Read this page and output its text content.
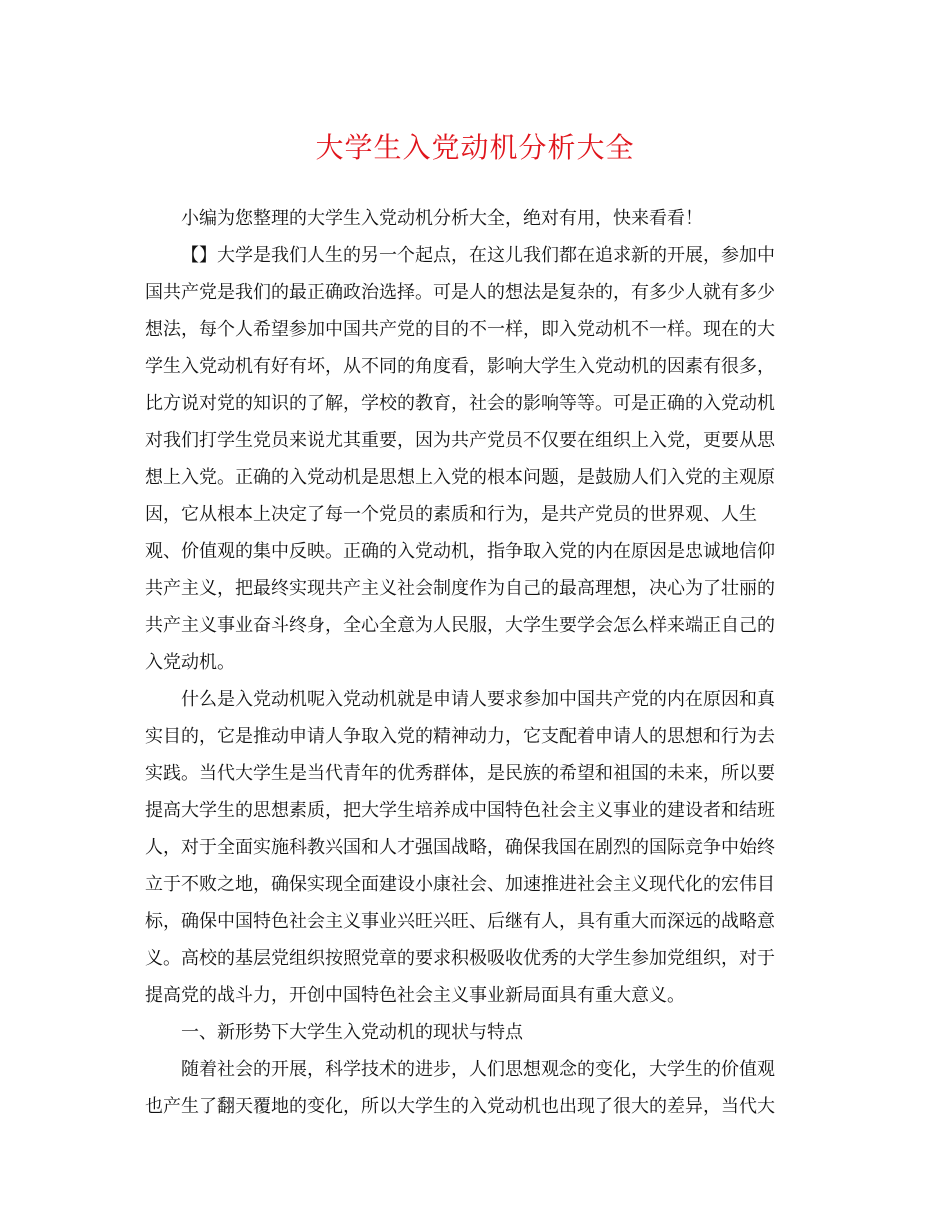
大学生入党动机分析大全

小编为您整理的大学生入党动机分析大全，绝对有用，快来看看！

【】大学是我们人生的另一个起点，在这儿我们都在追求新的开展，参加中

国共产党是我们的最正确政治选择。可是人的想法是复杂的，有多少人就有多少

想法，每个人希望参加中国共产党的目的不一样，即入党动机不一样。现在的大

学生入党动机有好有坏，从不同的角度看，影响大学生入党动机的因素有很多，

比方说对党的知识的了解，学校的教育，社会的影响等等。可是正确的入党动机

对我们打学生党员来说尤其重要，因为共产党员不仅要在组织上入党，更要从思

想上入党。正确的入党动机是思想上入党的根本问题，是鼓励人们入党的主观原

因，它从根本上决定了每一个党员的素质和行为，是共产党员的世界观、人生

观、价值观的集中反映。正确的入党动机，指争取入党的内在原因是忠诚地信仰

共产主义，把最终实现共产主义社会制度作为自己的最高理想，决心为了壮丽的

共产主义事业奋斗终身，全心全意为人民服，大学生要学会怎么样来端正自己的

入党动机。

什么是入党动机呢入党动机就是申请人要求参加中国共产党的内在原因和真

实目的，它是推动申请人争取入党的精神动力，它支配着申请人的思想和行为去

实践。当代大学生是当代青年的优秀群体，是民族的希望和祖国的未来，所以要

提高大学生的思想素质，把大学生培养成中国特色社会主义事业的建设者和结班

人，对于全面实施科教兴国和人才强国战略，确保我国在剧烈的国际竞争中始终

立于不败之地，确保实现全面建设小康社会、加速推进社会主义现代化的宏伟目

标，确保中国特色社会主义事业兴旺兴旺、后继有人，具有重大而深远的战略意

义。高校的基层党组织按照党章的要求积极吸收优秀的大学生参加党组织，对于

提高党的战斗力，开创中国特色社会主义事业新局面具有重大意义。

一、新形势下大学生入党动机的现状与特点

随着社会的开展，科学技术的进步，人们思想观念的变化，大学生的价值观

也产生了翻天覆地的变化，所以大学生的入党动机也出现了很大的差异，当代大
